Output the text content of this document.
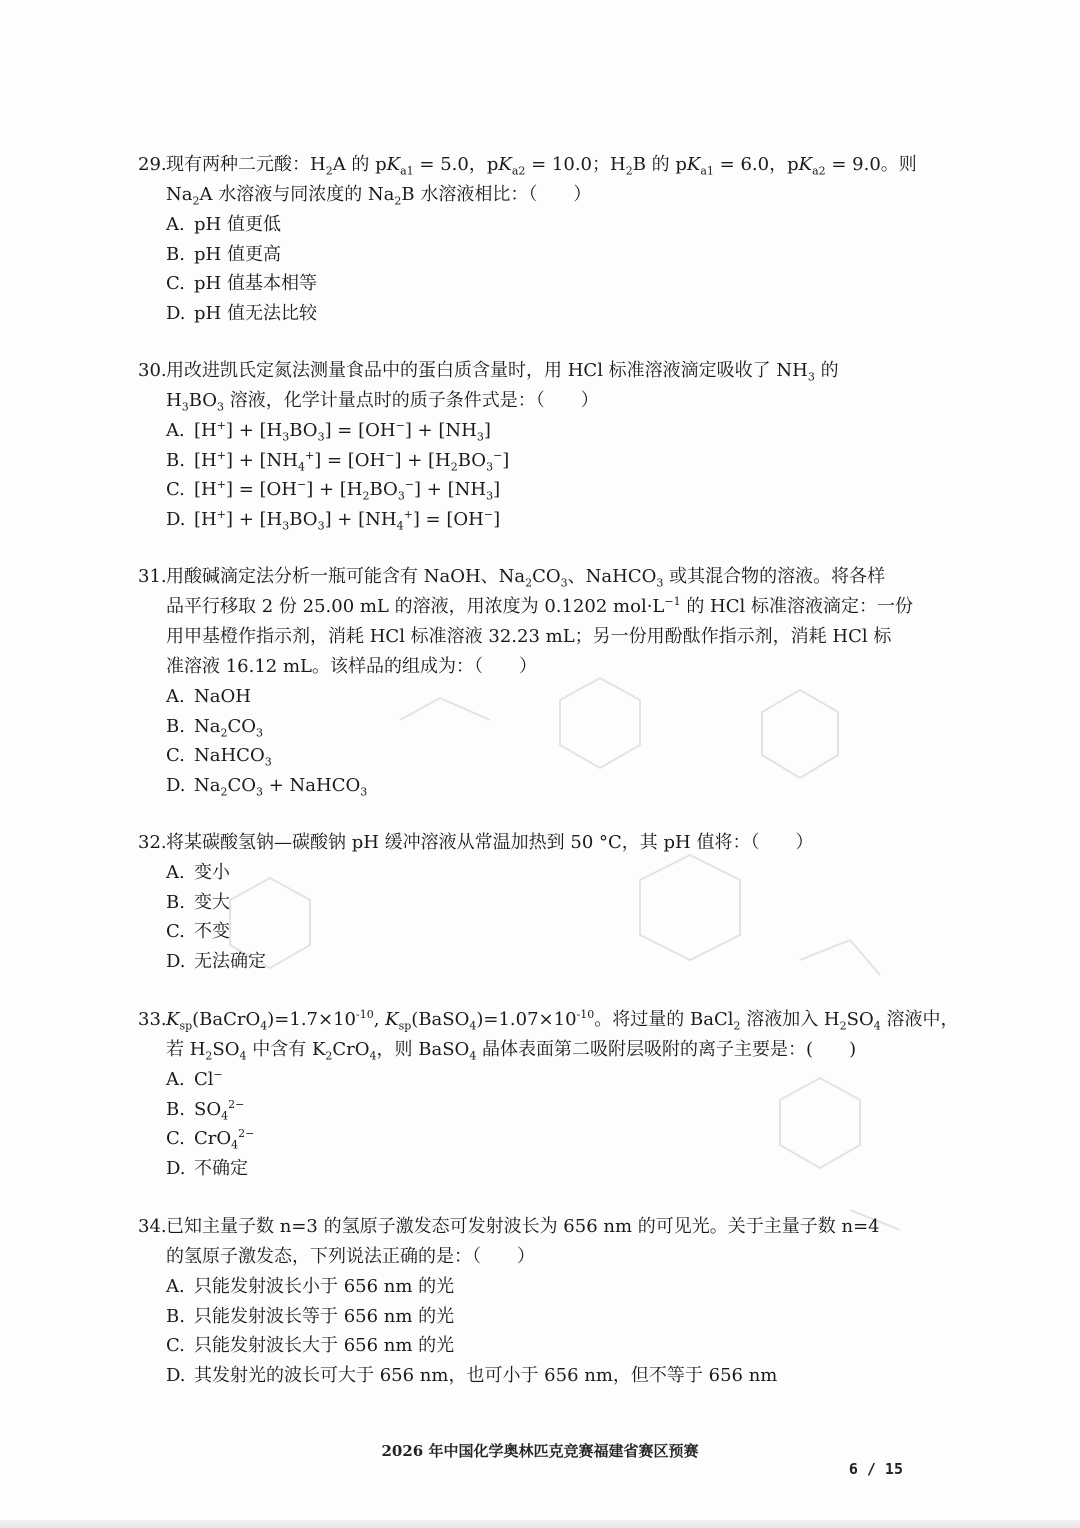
29.现有两种二元酸：$H_2A$ 的 $pK_{a1} = 5.0$，$pK_{a2} = 10.0$；$H_2B$ 的 $pK_{a1} = 6.0$，$pK_{a2} = 9.0$。则
$Na_2A$ 水溶液与同浓度的 $Na_2B$ 水溶液相比：（　　）
A. pH 值更低
B. pH 值更高
C. pH 值基本相等
D. pH 值无法比较
30.用改进凯氏定氮法测量食品中的蛋白质含量时，用 HCl 标准溶液滴定吸收了 $NH_3$ 的
$H_3BO_3$ 溶液，化学计量点时的质子条件式是：（　　）
A. $[H^+] + [H_3BO_3] = [OH^-] + [NH_3]$
B. $[H^+] + [NH_4^+] = [OH^-] + [H_2BO_3^-]$
C. $[H^+] = [OH^-] + [H_2BO_3^-] + [NH_3]$
D. $[H^+] + [H_3BO_3] + [NH_4^+] = [OH^-]$
31.用酸碱滴定法分析一瓶可能含有 NaOH、$Na_2CO_3$、NaHCO$_3$ 或其混合物的溶液。将各样
品平行移取 2 份 25.00 mL 的溶液，用浓度为 0.1202 $mol\cdot L^{-1}$ 的 HCl 标准溶液滴定：一份
用甲基橙作指示剂，消耗 HCl 标准溶液 32.23 mL；另一份用酚酞作指示剂，消耗 HCl 标
准溶液 16.12 mL。该样品的组成为：（　　）
A. NaOH
B. $Na_2CO_3$
C. NaHCO$_3$
D. $Na_2CO_3$ + NaHCO$_3$
32.将某碳酸氢钠—碳酸钠 pH 缓冲溶液从常温加热到 50 °C，其 pH 值将：（　　）
A. 变小
B. 变大
C. 不变
D. 无法确定
$33.K_{sp}(BaCrO_4)=1.7\times 10^{-10}$, $K_{sp}(BaSO_4)=1.07\times 10^{-10}$。将过量的 BaCl$_2$ 溶液加入 $H_2SO_4$ 溶液中，
若 $H_2SO_4$ 中含有 $K_2CrO_4$，则 BaSO$_4$ 晶体表面第二吸附层吸附的离子主要是：(　　)
A. Cl−
B. $SO_4^{2-}$
C. CrO$_4^{2-}$
D. 不确定
34.已知主量子数 n=3 的氢原子激发态可发射波长为 656 nm 的可见光。关于主量子数 n=4
的氢原子激发态，下列说法正确的是：（　　）
A. 只能发射波长小于 656 nm 的光
B. 只能发射波长等于 656 nm 的光
C. 只能发射波长大于 656 nm 的光
D. 其发射光的波长可大于 656 nm，也可小于 656 nm，但不等于 656 nm
2026 年中国化学奥林匹克竞赛福建省赛区预赛
6 / 15
